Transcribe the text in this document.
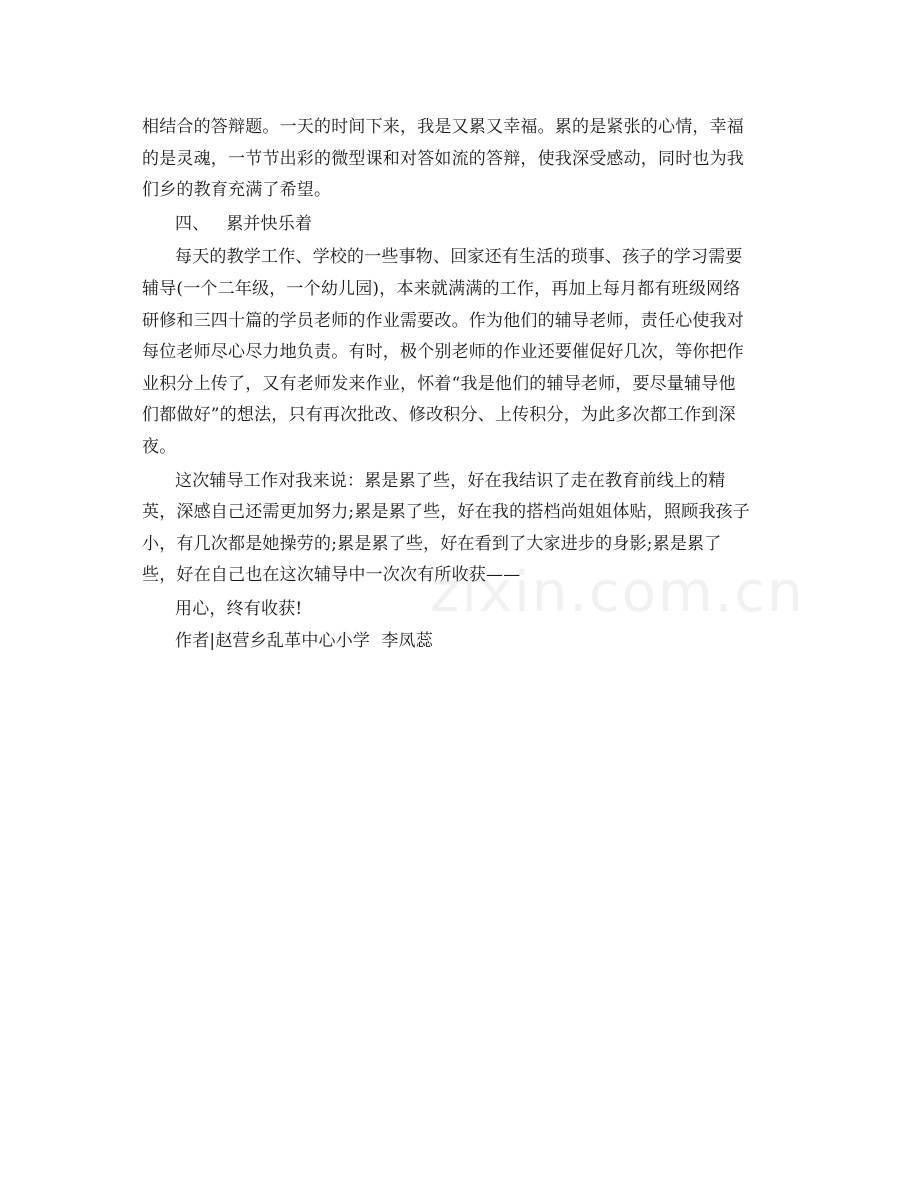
zixin.com.cn
相结合的答辩题。一天的时间下来，我是又累又幸福。累的是紧张的心情，幸福
的是灵魂，一节节出彩的微型课和对答如流的答辩，使我深受感动，同时也为我
们乡的教育充满了希望。
四、   累并快乐着
每天的教学工作、学校的一些事物、回家还有生活的琐事、孩子的学习需要
辅导(一个二年级，一个幼儿园)，本来就满满的工作，再加上每月都有班级网络
研修和三四十篇的学员老师的作业需要改。作为他们的辅导老师，责任心使我对
每位老师尽心尽力地负责。有时，极个别老师的作业还要催促好几次，等你把作
业积分上传了，又有老师发来作业，怀着“我是他们的辅导老师，要尽量辅导他
们都做好”的想法，只有再次批改、修改积分、上传积分，为此多次都工作到深
夜。
这次辅导工作对我来说：累是累了些，好在我结识了走在教育前线上的精
英，深感自己还需更加努力;累是累了些，好在我的搭档尚姐姐体贴，照顾我孩子
小，有几次都是她操劳的;累是累了些，好在看到了大家进步的身影;累是累了
些，好在自己也在这次辅导中一次次有所收获——
用心，终有收获!
作者|赵营乡乱革中心小学  李凤蕊
